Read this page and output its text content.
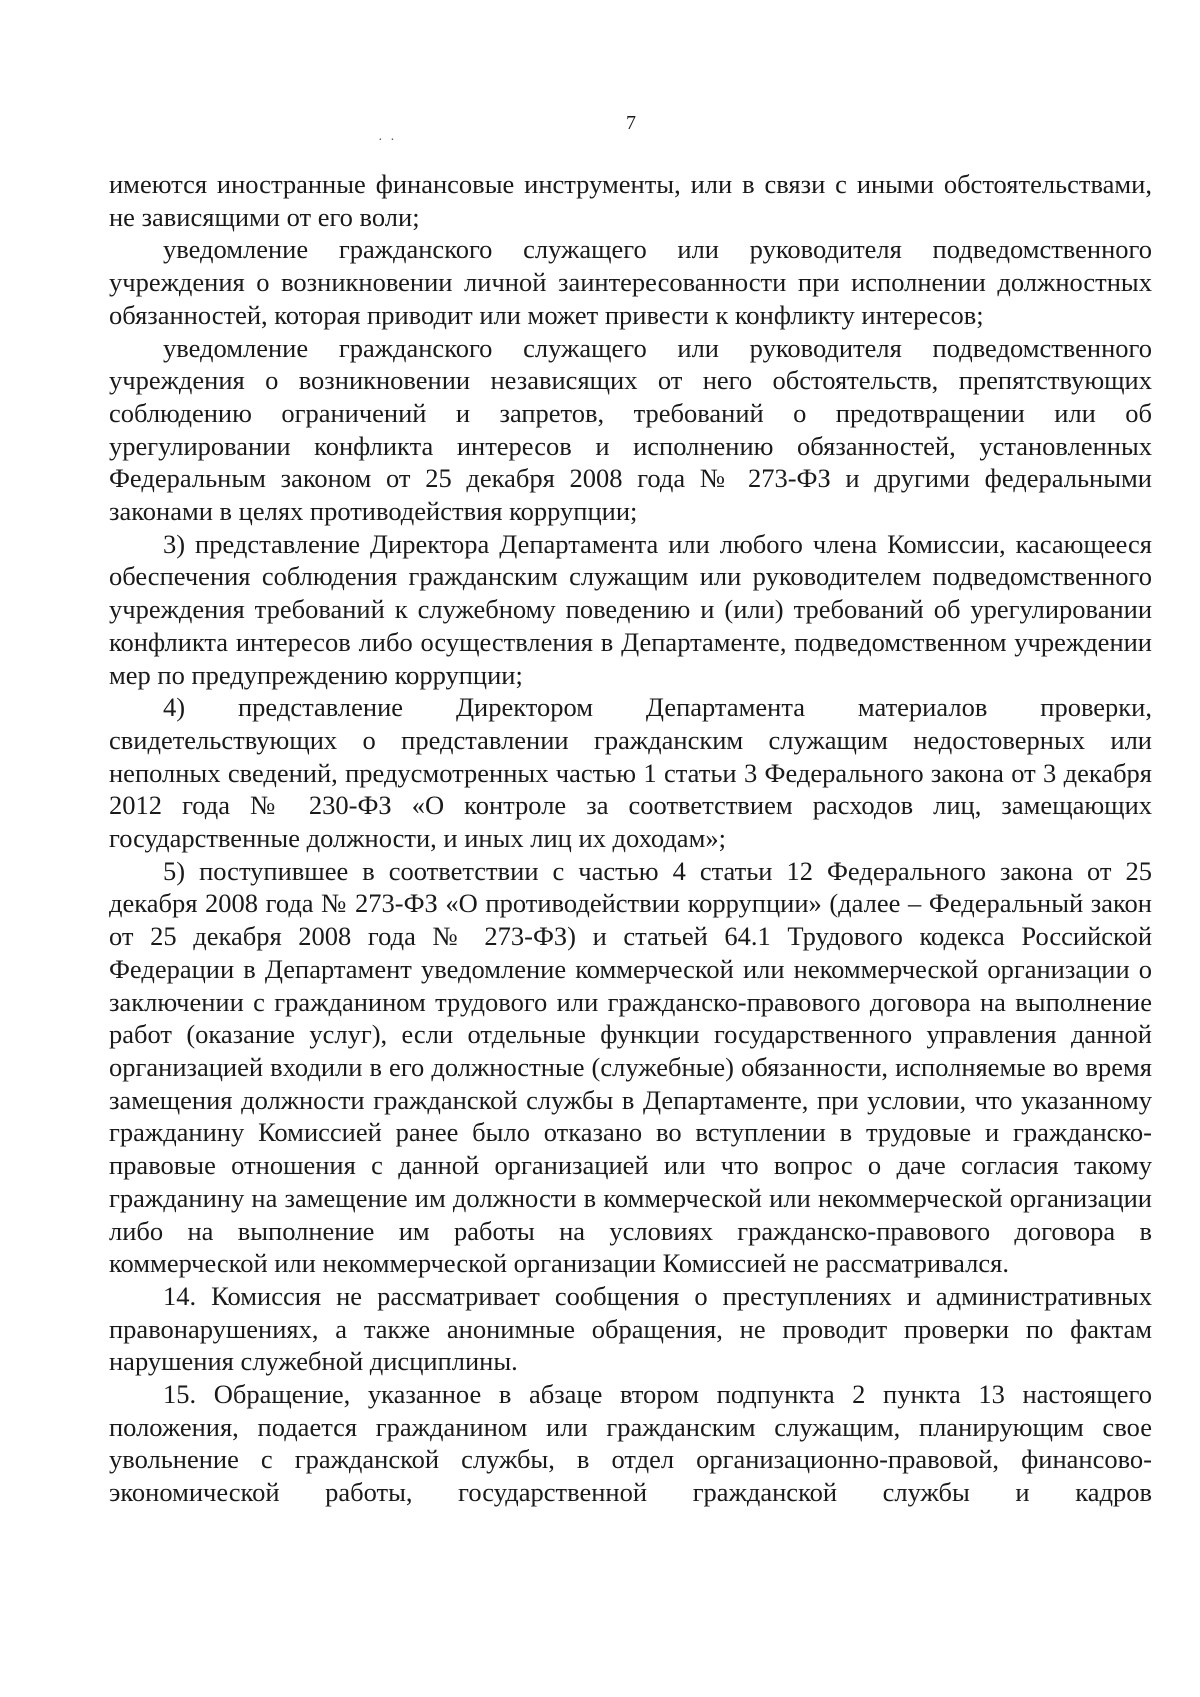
7
· ·

имеются иностранные финансовые инструменты, или в связи с иными обстоятельствами, не зависящими от его воли;

уведомление гражданского служащего или руководителя подведомственного учреждения о возникновении личной заинтересованности при исполнении должностных обязанностей, которая приводит или может привести к конфликту интересов;

уведомление гражданского служащего или руководителя подведомственного учреждения о возникновении независящих от него обстоятельств, препятствующих соблюдению ограничений и запретов, требований о предотвращении или об урегулировании конфликта интересов и исполнению обязанностей, установленных Федеральным законом от 25 декабря 2008 года № 273-ФЗ и другими федеральными законами в целях противодействия коррупции;

3) представление Директора Департамента или любого члена Комиссии, касающееся обеспечения соблюдения гражданским служащим или руководителем подведомственного учреждения требований к служебному поведению и (или) требований об урегулировании конфликта интересов либо осуществления в Департаменте, подведомственном учреждении мер по предупреждению коррупции;

4) представление Директором Департамента материалов проверки, свидетельствующих о представлении гражданским служащим недостоверных или неполных сведений, предусмотренных частью 1 статьи 3 Федерального закона от 3 декабря 2012 года № 230-ФЗ «О контроле за соответствием расходов лиц, замещающих государственные должности, и иных лиц их доходам»;

5) поступившее в соответствии с частью 4 статьи 12 Федерального закона от 25 декабря 2008 года № 273-ФЗ «О противодействии коррупции» (далее – Федеральный закон от 25 декабря 2008 года № 273-ФЗ) и статьей 64.1 Трудового кодекса Российской Федерации в Департамент уведомление коммерческой или некоммерческой организации о заключении с гражданином трудового или гражданско-правового договора на выполнение работ (оказание услуг), если отдельные функции государственного управления данной организацией входили в его должностные (служебные) обязанности, исполняемые во время замещения должности гражданской службы в Департаменте, при условии, что указанному гражданину Комиссией ранее было отказано во вступлении в трудовые и гражданско-правовые отношения с данной организацией или что вопрос о даче согласия такому гражданину на замещение им должности в коммерческой или некоммерческой организации либо на выполнение им работы на условиях гражданско-правового договора в коммерческой или некоммерческой организации Комиссией не рассматривался.

14. Комиссия не рассматривает сообщения о преступлениях и административных правонарушениях, а также анонимные обращения, не проводит проверки по фактам нарушения служебной дисциплины.

15. Обращение, указанное в абзаце втором подпункта 2 пункта 13 настоящего положения, подается гражданином или гражданским служащим, планирующим свое увольнение с гражданской службы, в отдел организационно-правовой, финансово-экономической работы, государственной гражданской службы и кадров
